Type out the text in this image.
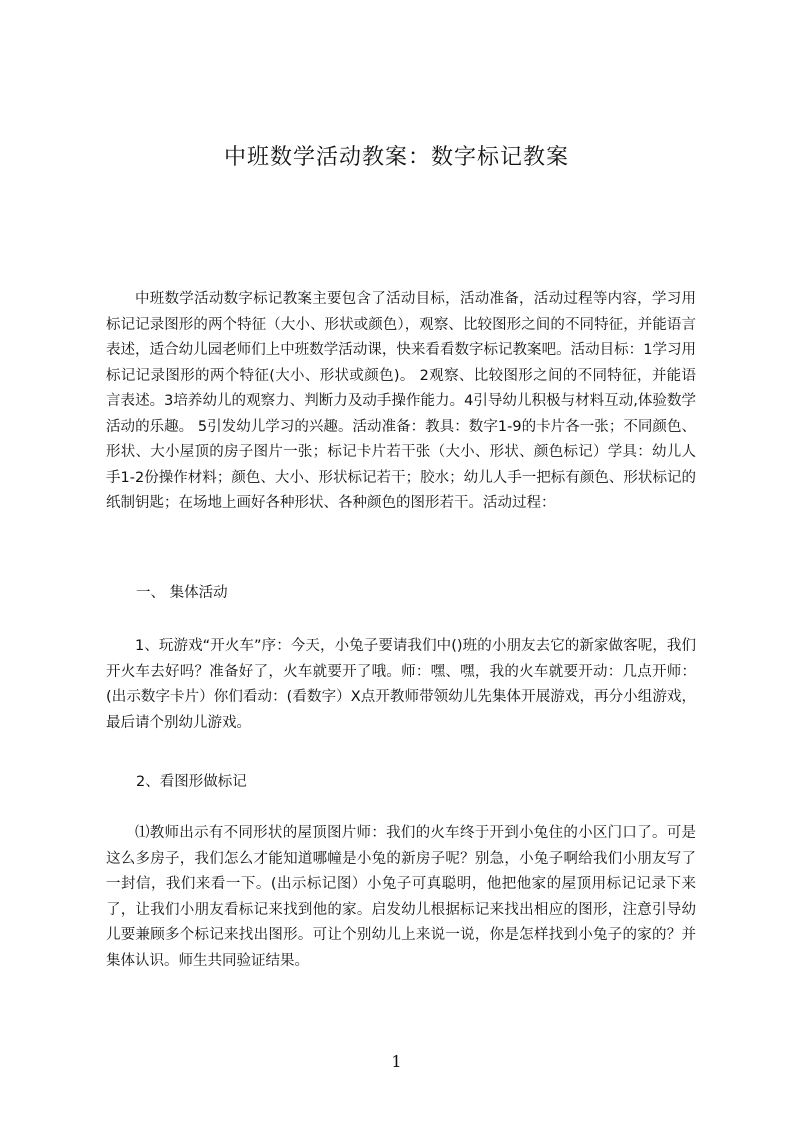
中班数学活动教案：数字标记教案
中班数学活动数字标记教案主要包含了活动目标，活动准备，活动过程等内容，学习用标记记录图形的两个特征（大小、形状或颜色），观察、比较图形之间的不同特征，并能语言表述，适合幼儿园老师们上中班数学活动课，快来看看数字标记教案吧。活动目标：1学习用标记记录图形的两个特征(大小、形状或颜色)。 2观察、比较图形之间的不同特征，并能语言表述。3培养幼儿的观察力、判断力及动手操作能力。4引导幼儿积极与材料互动,体验数学活动的乐趣。 5引发幼儿学习的兴趣。活动准备：教具：数字1-9的卡片各一张；不同颜色、形状、大小屋顶的房子图片一张；标记卡片若干张（大小、形状、颜色标记）学具：幼儿人手1-2份操作材料；颜色、大小、形状标记若干；胶水；幼儿人手一把标有颜色、形状标记的纸制钥匙；在场地上画好各种形状、各种颜色的图形若干。活动过程：
一、 集体活动
1、玩游戏“开火车”序：今天，小兔子要请我们中()班的小朋友去它的新家做客呢，我们开火车去好吗？准备好了，火车就要开了哦。师：嘿、嘿，我的火车就要开动：几点开师：(出示数字卡片）你们看动：(看数字）X点开教师带领幼儿先集体开展游戏，再分小组游戏，最后请个别幼儿游戏。
2、看图形做标记
⑴教师出示有不同形状的屋顶图片师：我们的火车终于开到小兔住的小区门口了。可是这么多房子，我们怎么才能知道哪幢是小兔的新房子呢？别急，小兔子啊给我们小朋友写了一封信，我们来看一下。(出示标记图）小兔子可真聪明，他把他家的屋顶用标记记录下来了，让我们小朋友看标记来找到他的家。启发幼儿根据标记来找出相应的图形，注意引导幼儿要兼顾多个标记来找出图形。可让个别幼儿上来说一说，你是怎样找到小兔子的家的？并集体认识。师生共同验证结果。
1
